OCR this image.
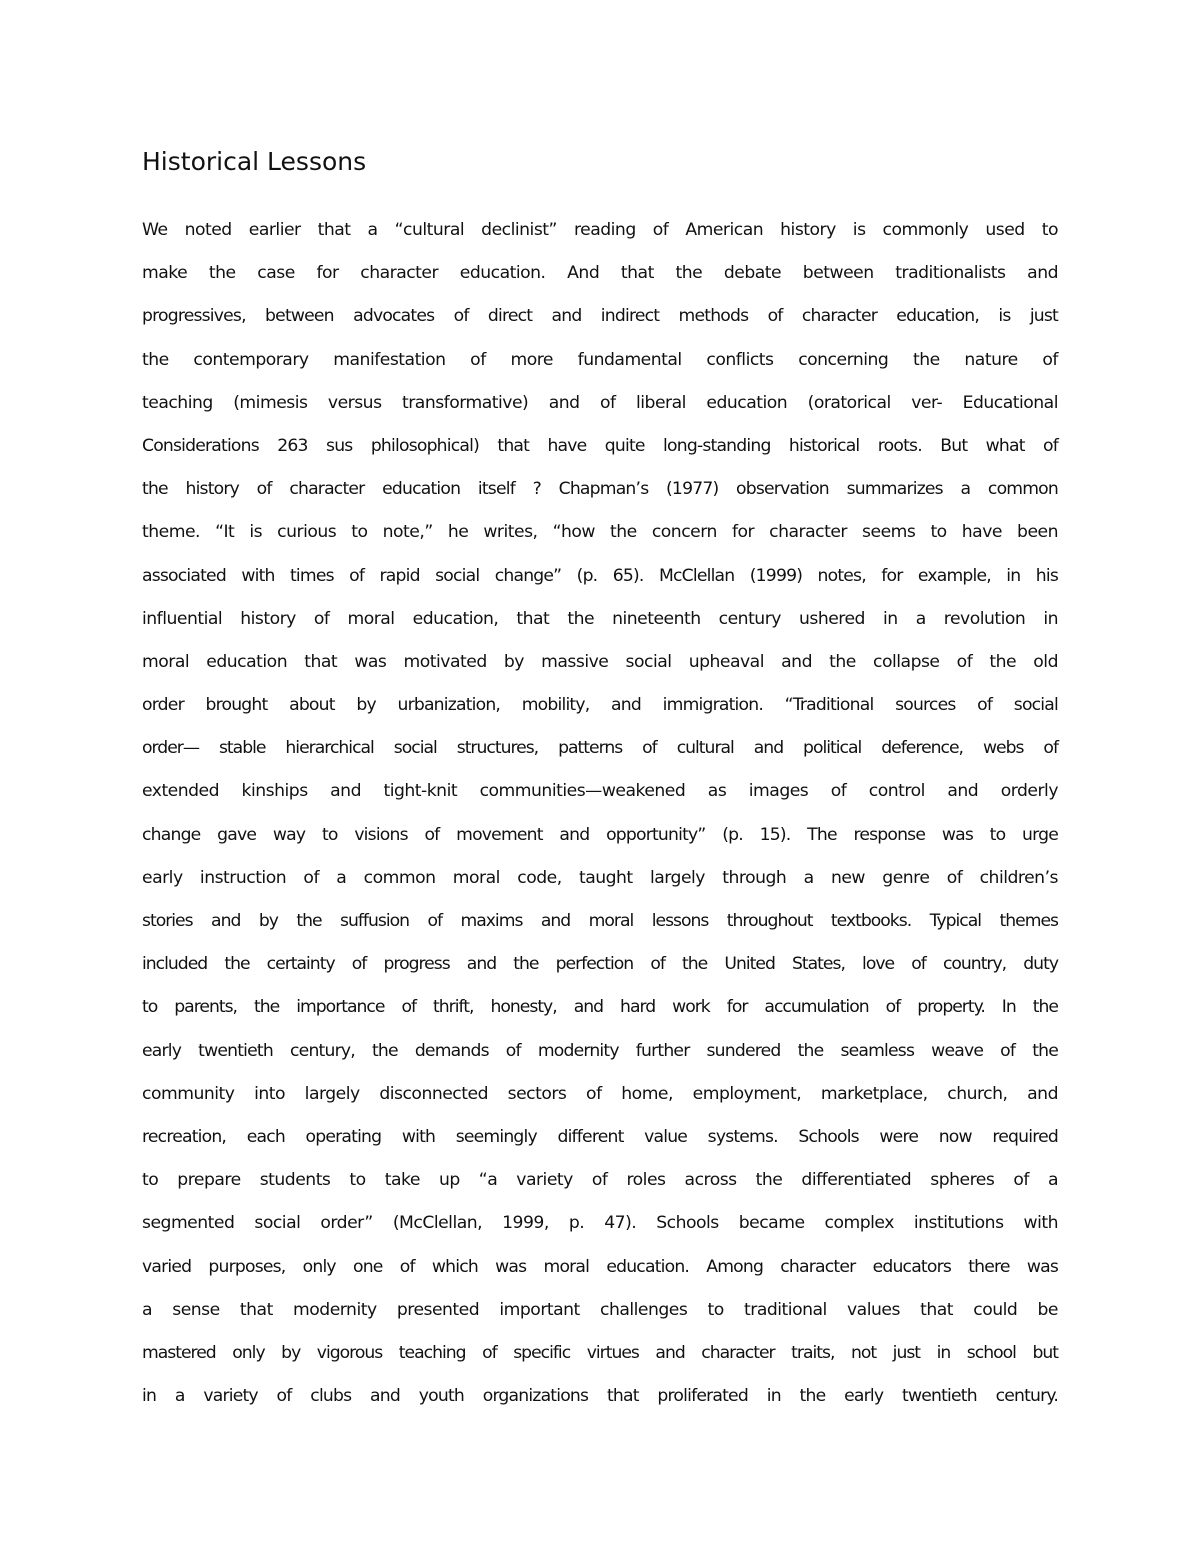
Historical Lessons
We noted earlier that a “cultural declinist” reading of American history is commonly used to
make the case for character education. And that the debate between traditionalists and
progressives, between advocates of direct and indirect methods of character education, is just
the contemporary manifestation of more fundamental conflicts concerning the nature of
teaching (mimesis versus transformative) and of liberal education (oratorical ver- Educational
Considerations 263 sus philosophical) that have quite long-standing historical roots. But what of
the history of character education itself ? Chapman’s (1977) observation summarizes a common
theme. “It is curious to note,” he writes, “how the concern for character seems to have been
associated with times of rapid social change” (p. 65). McClellan (1999) notes, for example, in his
influential history of moral education, that the nineteenth century ushered in a revolution in
moral education that was motivated by massive social upheaval and the collapse of the old
order brought about by urbanization, mobility, and immigration. “Traditional sources of social
order— stable hierarchical social structures, patterns of cultural and political deference, webs of
extended kinships and tight-knit communities—weakened as images of control and orderly
change gave way to visions of movement and opportunity” (p. 15). The response was to urge
early instruction of a common moral code, taught largely through a new genre of children’s
stories and by the suffusion of maxims and moral lessons throughout textbooks. Typical themes
included the certainty of progress and the perfection of the United States, love of country, duty
to parents, the importance of thrift, honesty, and hard work for accumulation of property. In the
early twentieth century, the demands of modernity further sundered the seamless weave of the
community into largely disconnected sectors of home, employment, marketplace, church, and
recreation, each operating with seemingly different value systems. Schools were now required
to prepare students to take up “a variety of roles across the differentiated spheres of a
segmented social order” (McClellan, 1999, p. 47). Schools became complex institutions with
varied purposes, only one of which was moral education. Among character educators there was
a sense that modernity presented important challenges to traditional values that could be
mastered only by vigorous teaching of specific virtues and character traits, not just in school but
in a variety of clubs and youth organizations that proliferated in the early twentieth century.
